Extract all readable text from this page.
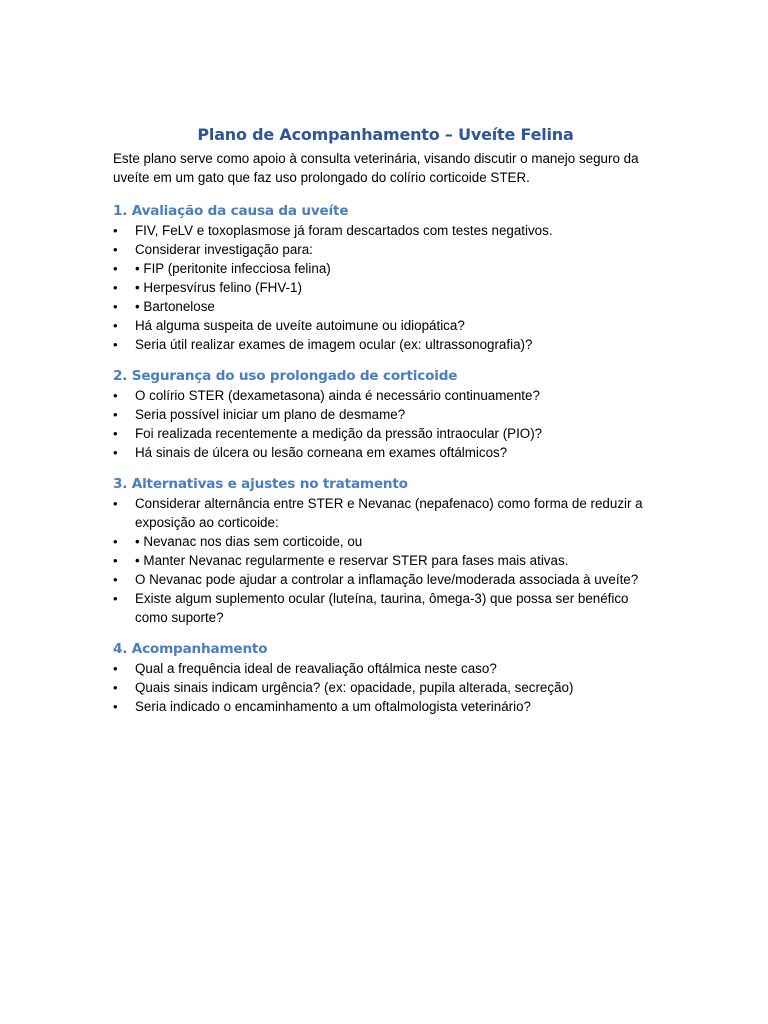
Plano de Acompanhamento – Uveíte Felina

Este plano serve como apoio à consulta veterinária, visando discutir o manejo seguro da uveíte em um gato que faz uso prolongado do colírio corticoide STER.

1. Avaliação da causa da uveíte
•	FIV, FeLV e toxoplasmose já foram descartados com testes negativos.
•	Considerar investigação para:
•	• FIP (peritonite infecciosa felina)
•	• Herpesvírus felino (FHV-1)
•	• Bartonelose
•	Há alguma suspeita de uveíte autoimune ou idiopática?
•	Seria útil realizar exames de imagem ocular (ex: ultrassonografia)?
2. Segurança do uso prolongado de corticoide
•	O colírio STER (dexametasona) ainda é necessário continuamente?
•	Seria possível iniciar um plano de desmame?
•	Foi realizada recentemente a medição da pressão intraocular (PIO)?
•	Há sinais de úlcera ou lesão corneana em exames oftálmicos?
3. Alternativas e ajustes no tratamento
•	Considerar alternância entre STER e Nevanac (nepafenaco) como forma de reduzir a exposição ao corticoide:
•	• Nevanac nos dias sem corticoide, ou
•	• Manter Nevanac regularmente e reservar STER para fases mais ativas.
•	O Nevanac pode ajudar a controlar a inflamação leve/moderada associada à uveíte?
•	Existe algum suplemento ocular (luteína, taurina, ômega-3) que possa ser benéfico como suporte?
4. Acompanhamento
•	Qual a frequência ideal de reavaliação oftálmica neste caso?
•	Quais sinais indicam urgência? (ex: opacidade, pupila alterada, secreção)
•	Seria indicado o encaminhamento a um oftalmologista veterinário?
